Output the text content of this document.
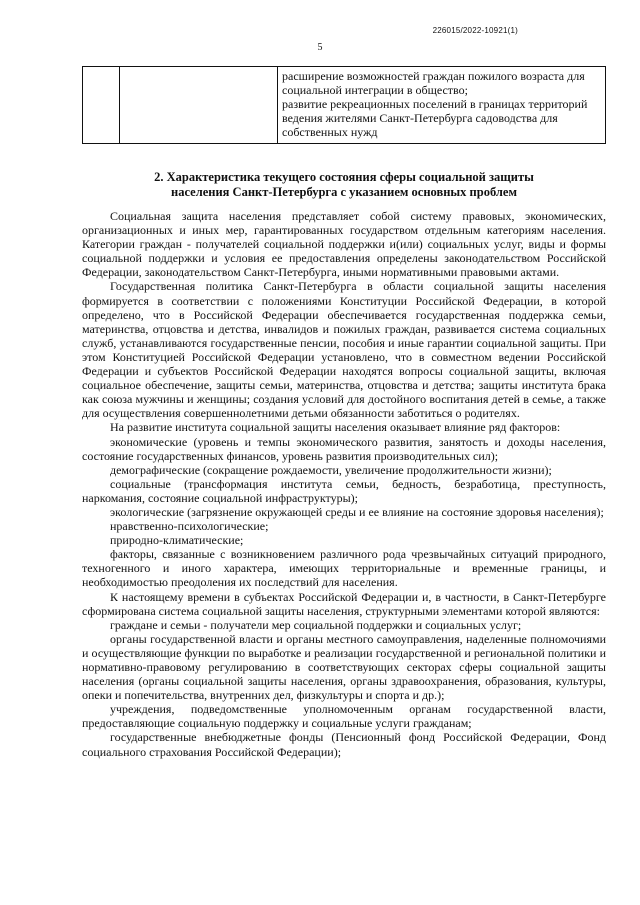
226015/2022-10921(1)
5

расширение возможностей граждан пожилого возраста для социальной интеграции в общество;
развитие рекреационных поселений в границах территорий ведения жителями Санкт-Петербурга садоводства для собственных нужд
2. Характеристика текущего состояния сферы социальной защиты
населения Санкт-Петербурга с указанием основных проблем

Социальная защита населения представляет собой систему правовых, экономических, организационных и иных мер, гарантированных государством отдельным категориям населения. Категории граждан - получателей социальной поддержки и(или) социальных услуг, виды и формы социальной поддержки и условия ее предоставления определены законодательством Российской Федерации, законодательством Санкт-Петербурга, иными нормативными правовыми актами.

Государственная политика Санкт-Петербурга в области социальной защиты населения формируется в соответствии с положениями Конституции Российской Федерации, в которой определено, что в Российской Федерации обеспечивается государственная поддержка семьи, материнства, отцовства и детства, инвалидов и пожилых граждан, развивается система социальных служб, устанавливаются государственные пенсии, пособия и иные гарантии социальной защиты. При этом Конституцией Российской Федерации установлено, что в совместном ведении Российской Федерации и субъектов Российской Федерации находятся вопросы социальной защиты, включая социальное обеспечение, защиты семьи, материнства, отцовства и детства; защиты института брака как союза мужчины и женщины; создания условий для достойного воспитания детей в семье, а также для осуществления совершеннолетними детьми обязанности заботиться о родителях.

На развитие института социальной защиты населения оказывает влияние ряд факторов:

экономические (уровень и темпы экономического развития, занятость и доходы населения, состояние государственных финансов, уровень развития производительных сил);

демографические (сокращение рождаемости, увеличение продолжительности жизни);

социальные (трансформация института семьи, бедность, безработица, преступность, наркомания, состояние социальной инфраструктуры);

экологические (загрязнение окружающей среды и ее влияние на состояние здоровья населения);

нравственно-психологические;

природно-климатические;

факторы, связанные с возникновением различного рода чрезвычайных ситуаций природного, техногенного и иного характера, имеющих территориальные и временные границы, и необходимостью преодоления их последствий для населения.

К настоящему времени в субъектах Российской Федерации и, в частности, в Санкт-Петербурге сформирована система социальной защиты населения, структурными элементами которой являются:

граждане и семьи - получатели мер социальной поддержки и социальных услуг;

органы государственной власти и органы местного самоуправления, наделенные полномочиями и осуществляющие функции по выработке и реализации государственной и региональной политики и нормативно-правовому регулированию в соответствующих секторах сферы социальной защиты населения (органы социальной защиты населения, органы здравоохранения, образования, культуры, опеки и попечительства, внутренних дел, физкультуры и спорта и др.);

учреждения, подведомственные уполномоченным органам государственной власти, предоставляющие социальную поддержку и социальные услуги гражданам;

государственные внебюджетные фонды (Пенсионный фонд Российской Федерации, Фонд социального страхования Российской Федерации);
